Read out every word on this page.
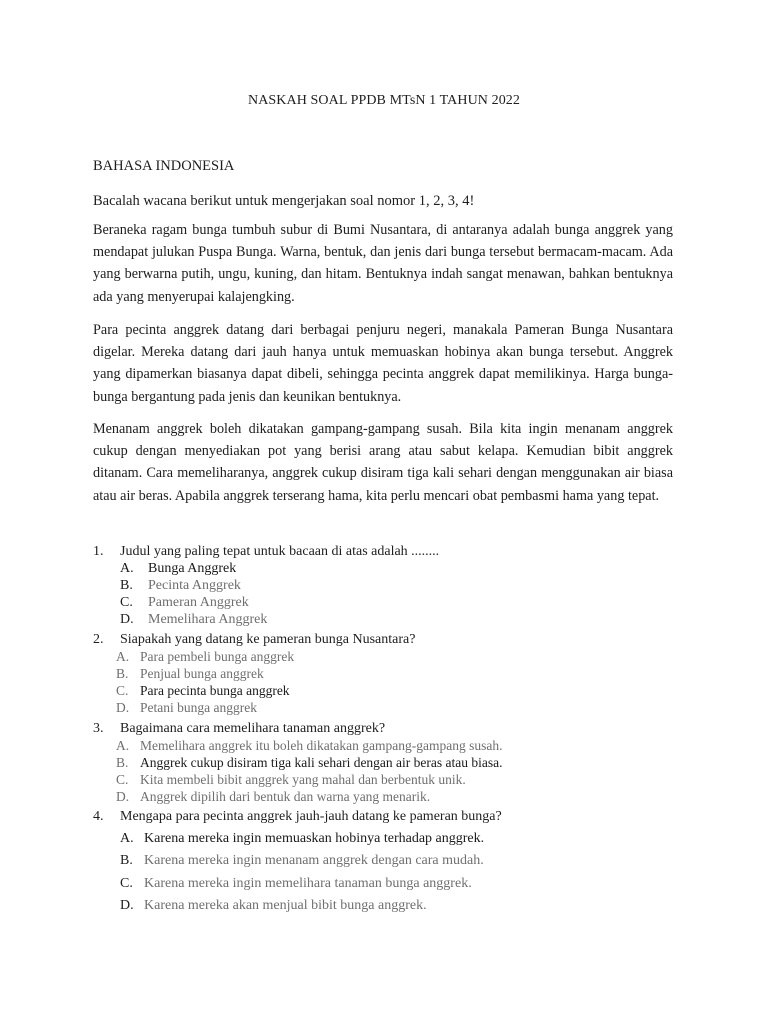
NASKAH SOAL PPDB MTsN 1 TAHUN 2022
BAHASA INDONESIA
Bacalah wacana berikut untuk mengerjakan soal nomor 1, 2, 3, 4!

Beraneka ragam bunga tumbuh subur di Bumi Nusantara, di antaranya adalah bunga anggrek yang mendapat julukan Puspa Bunga. Warna, bentuk, dan jenis dari bunga tersebut bermacam-macam. Ada yang berwarna putih, ungu, kuning, dan hitam. Bentuknya indah sangat menawan, bahkan bentuknya ada yang menyerupai kalajengking.

Para pecinta anggrek datang dari berbagai penjuru negeri, manakala Pameran Bunga Nusantara digelar. Mereka datang dari jauh hanya untuk memuaskan hobinya akan bunga tersebut. Anggrek yang dipamerkan biasanya dapat dibeli, sehingga pecinta anggrek dapat memilikinya. Harga bunga-bunga bergantung pada jenis dan keunikan bentuknya.

Menanam anggrek boleh dikatakan gampang-gampang susah. Bila kita ingin menanam anggrek cukup dengan menyediakan pot yang berisi arang atau sabut kelapa. Kemudian bibit anggrek ditanam. Cara memeliharanya, anggrek cukup disiram tiga kali sehari dengan menggunakan air biasa atau air beras. Apabila anggrek terserang hama, kita perlu mencari obat pembasmi hama yang tepat.

1. Judul yang paling tepat untuk bacaan di atas adalah ........
A. Bunga Anggrek
B. Pecinta Anggrek
C. Pameran Anggrek
D. Memelihara Anggrek
2. Siapakah yang datang ke pameran bunga Nusantara?
A. Para pembeli bunga anggrek
B. Penjual bunga anggrek
C. Para pecinta bunga anggrek
D. Petani bunga anggrek
3. Bagaimana cara memelihara tanaman anggrek?
A. Memelihara anggrek itu boleh dikatakan gampang-gampang susah.
B. Anggrek cukup disiram tiga kali sehari dengan air beras atau biasa.
C. Kita membeli bibit anggrek yang mahal dan berbentuk unik.
D. Anggrek dipilih dari bentuk dan warna yang menarik.
4. Mengapa para pecinta anggrek jauh-jauh datang ke pameran bunga?
A. Karena mereka ingin memuaskan hobinya terhadap anggrek.
B. Karena mereka ingin menanam anggrek dengan cara mudah.
C. Karena mereka ingin memelihara tanaman bunga anggrek.
D. Karena mereka akan menjual bibit bunga anggrek.
